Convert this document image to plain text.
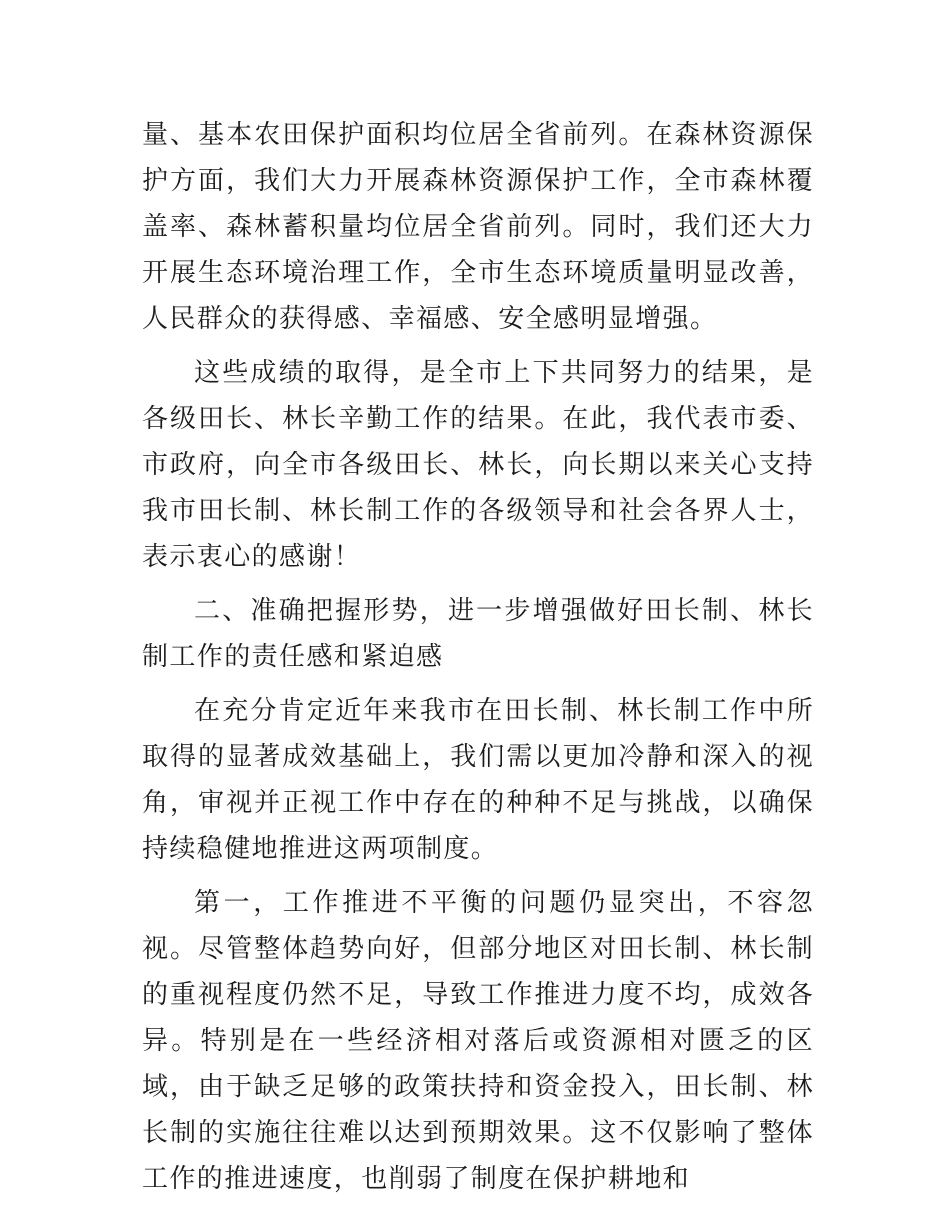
量、基本农田保护面积均位居全省前列。在森林资源保护方面，我们大力开展森林资源保护工作，全市森林覆盖率、森林蓄积量均位居全省前列。同时，我们还大力开展生态环境治理工作，全市生态环境质量明显改善，人民群众的获得感、幸福感、安全感明显增强。

这些成绩的取得，是全市上下共同努力的结果，是各级田长、林长辛勤工作的结果。在此，我代表市委、市政府，向全市各级田长、林长，向长期以来关心支持我市田长制、林长制工作的各级领导和社会各界人士，表示衷心的感谢！

二、准确把握形势，进一步增强做好田长制、林长制工作的责任感和紧迫感

在充分肯定近年来我市在田长制、林长制工作中所取得的显著成效基础上，我们需以更加冷静和深入的视角，审视并正视工作中存在的种种不足与挑战，以确保持续稳健地推进这两项制度。

第一，工作推进不平衡的问题仍显突出，不容忽视。尽管整体趋势向好，但部分地区对田长制、林长制的重视程度仍然不足，导致工作推进力度不均，成效各异。特别是在一些经济相对落后或资源相对匮乏的区域，由于缺乏足够的政策扶持和资金投入，田长制、林长制的实施往往难以达到预期效果。这不仅影响了整体工作的推进速度，也削弱了制度在保护耕地和
